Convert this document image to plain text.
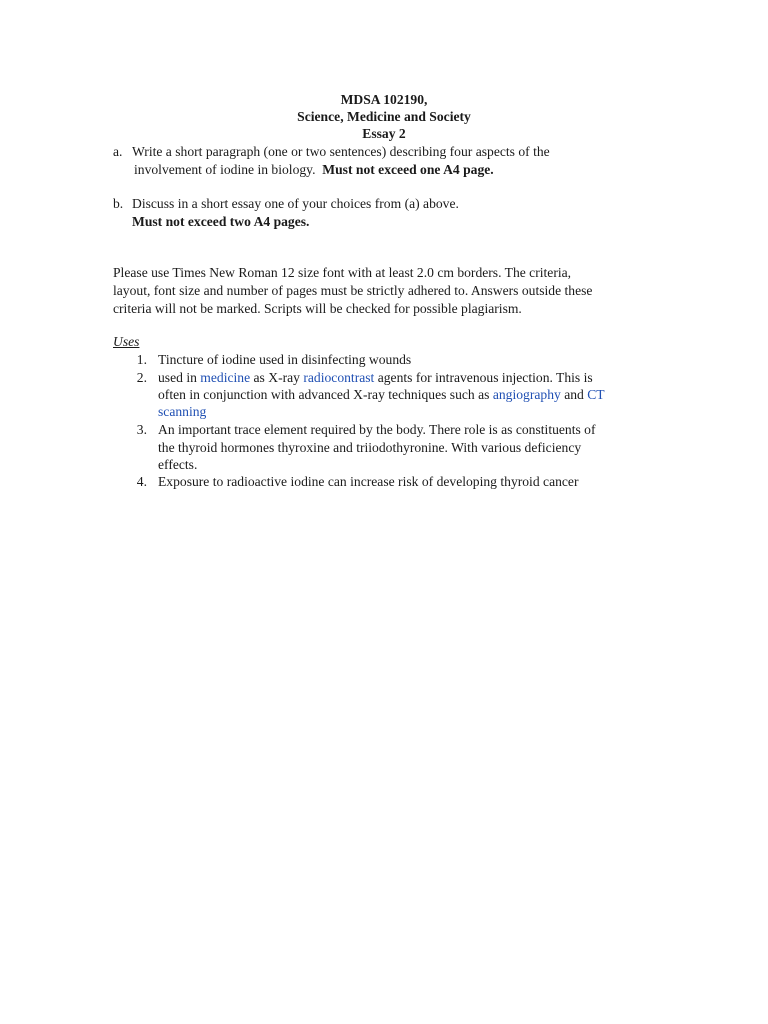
MDSA 102190,
Science, Medicine and Society
Essay 2
a. Write a short paragraph (one or two sentences) describing four aspects of the
involvement of iodine in biology. Must not exceed one A4 page.
b. Discuss in a short essay one of your choices from (a) above.
Must not exceed two A4 pages.
Please use Times New Roman 12 size font with at least 2.0 cm borders. The criteria,
layout, font size and number of pages must be strictly adhered to. Answers outside these
criteria will not be marked. Scripts will be checked for possible plagiarism.
Uses
1. Tincture of iodine used in disinfecting wounds
2. used in medicine as X-ray radiocontrast agents for intravenous injection. This is
often in conjunction with advanced X-ray techniques such as angiography and CT
scanning
3. An important trace element required by the body. There role is as constituents of
the thyroid hormones thyroxine and triiodothyronine. With various deficiency
effects.
4. Exposure to radioactive iodine can increase risk of developing thyroid cancer
